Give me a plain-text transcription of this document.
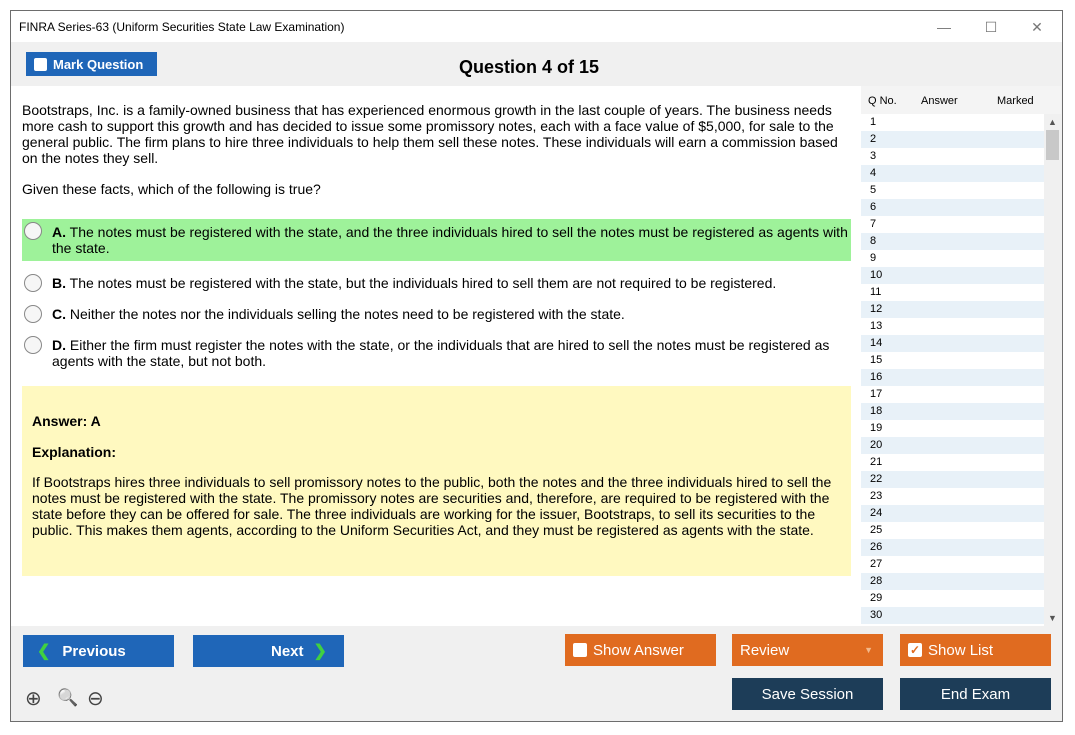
FINRA Series-63 (Uniform Securities State Law Examination)	—	☐	✕
Mark Question	Question 4 of 15
Bootstraps, Inc. is a family-owned business that has experienced enormous growth in the last couple of years. The business needs more cash to support this growth and has decided to issue some promissory notes, each with a face value of $5,000, for sale to the general public. The firm plans to hire three individuals to help them sell these notes. These individuals will earn a commission based on the notes they sell.
Given these facts, which of the following is true?
A. The notes must be registered with the state, and the three individuals hired to sell the notes must be registered as agents with the state.
B. The notes must be registered with the state, but the individuals hired to sell them are not required to be registered.
C. Neither the notes nor the individuals selling the notes need to be registered with the state.
D. Either the firm must register the notes with the state, or the individuals that are hired to sell the notes must be registered as agents with the state, but not both.
Answer: A
Explanation:
If Bootstraps hires three individuals to sell promissory notes to the public, both the notes and the three individuals hired to sell the notes must be registered with the state. The promissory notes are securities and, therefore, are required to be registered with the state before they can be offered for sale. The three individuals are working for the issuer, Bootstraps, to sell its securities to the public. This makes them agents, according to the Uniform Securities Act, and they must be registered as agents with the state.
Q No. Answer	Marked
1
2
3
4
5
6
7
8
9
10
11
12
13
14
15
16
17
18
19
20
21
22
23
24
25
26
27
28
29
30
▲
▼
❮ Previous	Next ❯	Show Answer	Review	▼	✓ Show List
Save Session	End Exam
⊕ 🔍 ⊖
